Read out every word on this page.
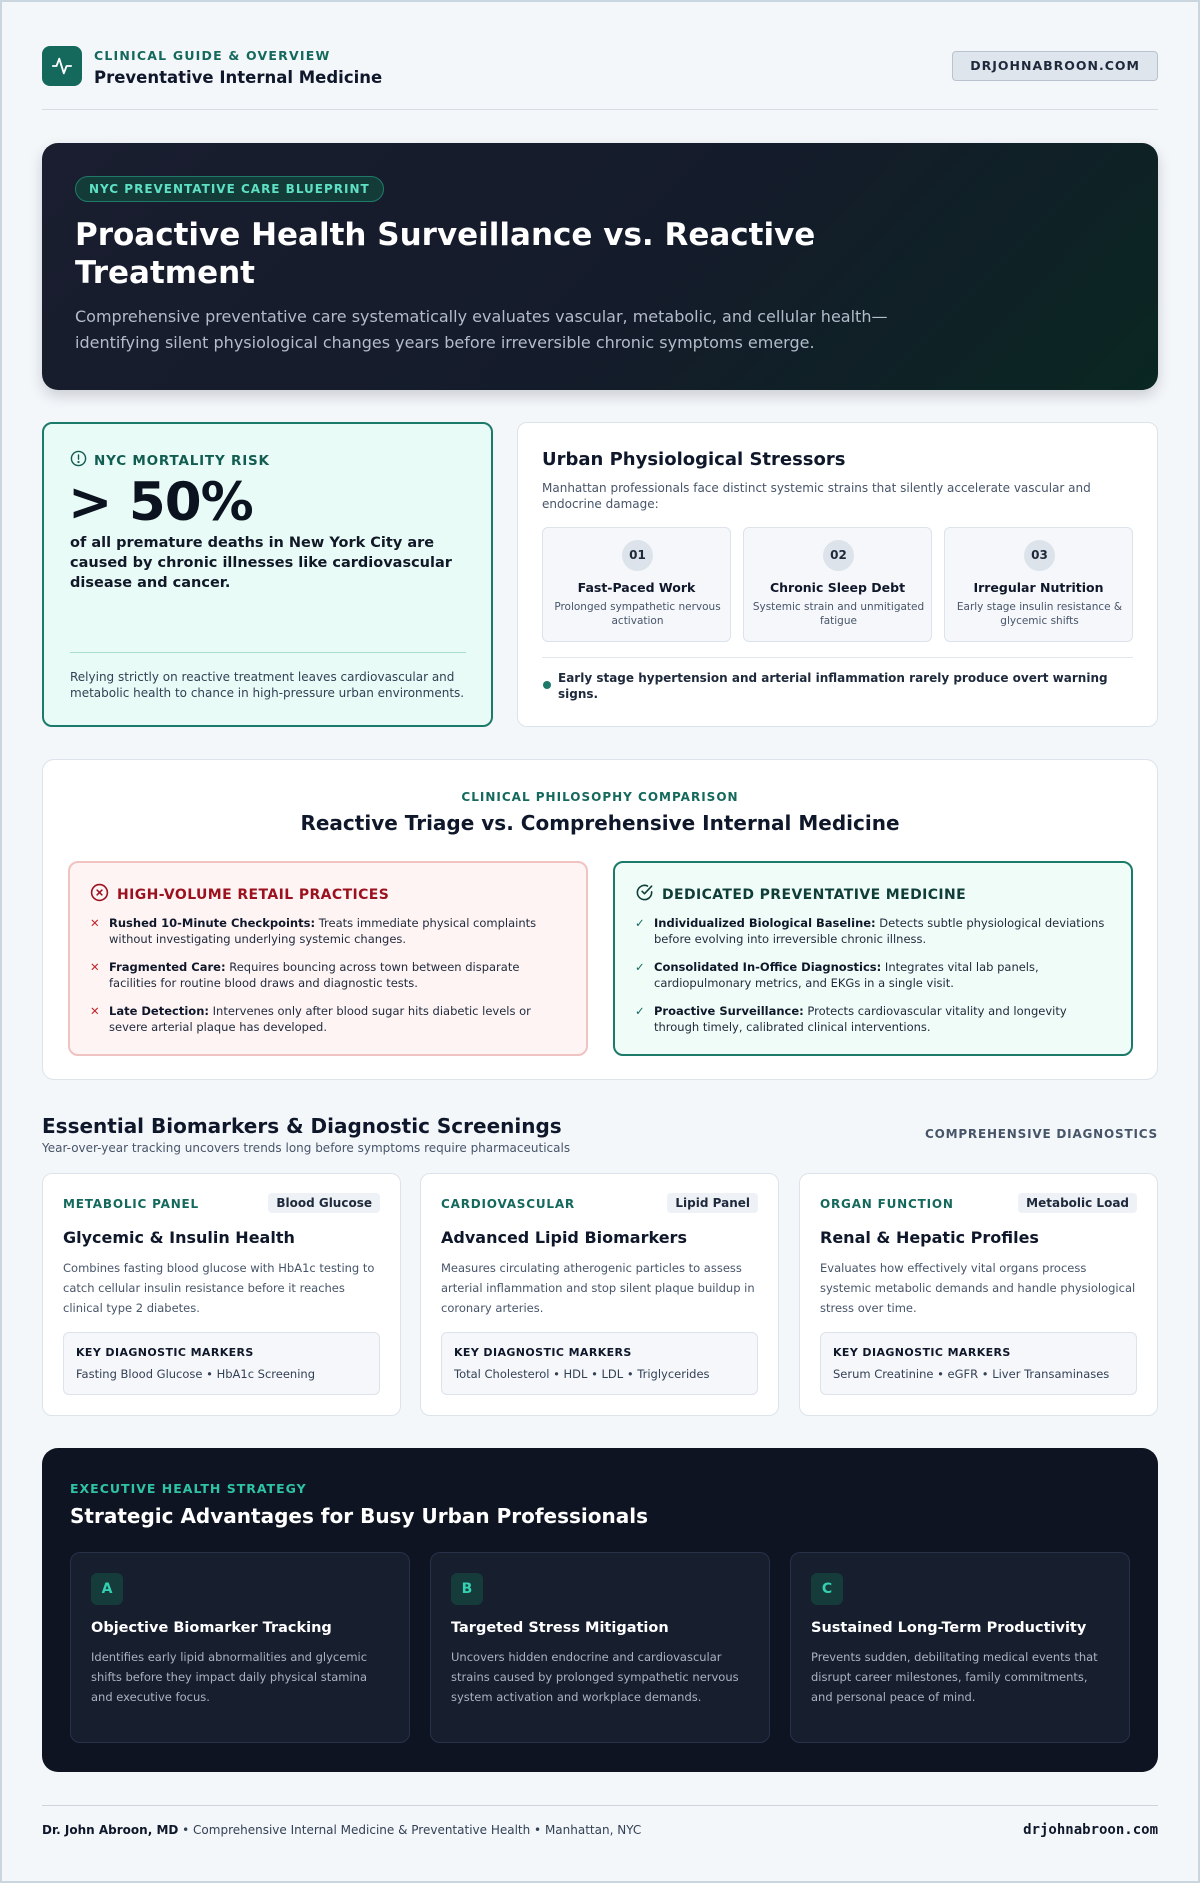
CLINICAL GUIDE & OVERVIEW
Preventative Internal Medicine
DRJOHNABROON.COM
NYC PREVENTATIVE CARE BLUEPRINT
Proactive Health Surveillance vs. Reactive Treatment

Comprehensive preventative care systematically evaluates vascular, metabolic, and cellular health—identifying silent physiological changes years before irreversible chronic symptoms emerge.

NYC MORTALITY RISK
> 50%

of all premature deaths in New York City are caused by chronic illnesses like cardiovascular disease and cancer.

Relying strictly on reactive treatment leaves cardiovascular and metabolic health to chance in high-pressure urban environments.

Urban Physiological Stressors

Manhattan professionals face distinct systemic strains that silently accelerate vascular and endocrine damage:

01
Fast-Paced Work
Prolonged sympathetic nervous activation
02
Chronic Sleep Debt
Systemic strain and unmitigated fatigue
03
Irregular Nutrition
Early stage insulin resistance & glycemic shifts

Early stage hypertension and arterial inflammation rarely produce overt warning signs.

CLINICAL PHILOSOPHY COMPARISON
Reactive Triage vs. Comprehensive Internal Medicine
HIGH-VOLUME RETAIL PRACTICES
✕ Rushed 10-Minute Checkpoints: Treats immediate physical complaints without investigating underlying systemic changes.
✕ Fragmented Care: Requires bouncing across town between disparate facilities for routine blood draws and diagnostic tests.
✕ Late Detection: Intervenes only after blood sugar hits diabetic levels or severe arterial plaque has developed.
DEDICATED PREVENTATIVE MEDICINE
✓ Individualized Biological Baseline: Detects subtle physiological deviations before evolving into irreversible chronic illness.
✓ Consolidated In-Office Diagnostics: Integrates vital lab panels, cardiopulmonary metrics, and EKGs in a single visit.
✓ Proactive Surveillance: Protects cardiovascular vitality and longevity through timely, calibrated clinical interventions.
Essential Biomarkers & Diagnostic Screenings

Year-over-year tracking uncovers trends long before symptoms require pharmaceuticals

COMPREHENSIVE DIAGNOSTICS
METABOLIC PANEL	Blood Glucose
Glycemic & Insulin Health

Combines fasting blood glucose with HbA1c testing to catch cellular insulin resistance before it reaches clinical type 2 diabetes.

KEY DIAGNOSTIC MARKERS
Fasting Blood Glucose • HbA1c Screening
CARDIOVASCULAR	Lipid Panel
Advanced Lipid Biomarkers

Measures circulating atherogenic particles to assess arterial inflammation and stop silent plaque buildup in coronary arteries.

KEY DIAGNOSTIC MARKERS
Total Cholesterol • HDL • LDL • Triglycerides
ORGAN FUNCTION	Metabolic Load
Renal & Hepatic Profiles

Evaluates how effectively vital organs process systemic metabolic demands and handle physiological stress over time.

KEY DIAGNOSTIC MARKERS
Serum Creatinine • eGFR • Liver Transaminases
EXECUTIVE HEALTH STRATEGY
Strategic Advantages for Busy Urban Professionals
A
Objective Biomarker Tracking

Identifies early lipid abnormalities and glycemic shifts before they impact daily physical stamina and executive focus.

B
Targeted Stress Mitigation

Uncovers hidden endocrine and cardiovascular strains caused by prolonged sympathetic nervous system activation and workplace demands.

C
Sustained Long-Term Productivity

Prevents sudden, debilitating medical events that disrupt career milestones, family commitments, and personal peace of mind.

Dr. John Abroon, MD • Comprehensive Internal Medicine & Preventative Health • Manhattan, NYC	drjohnabroon.com
